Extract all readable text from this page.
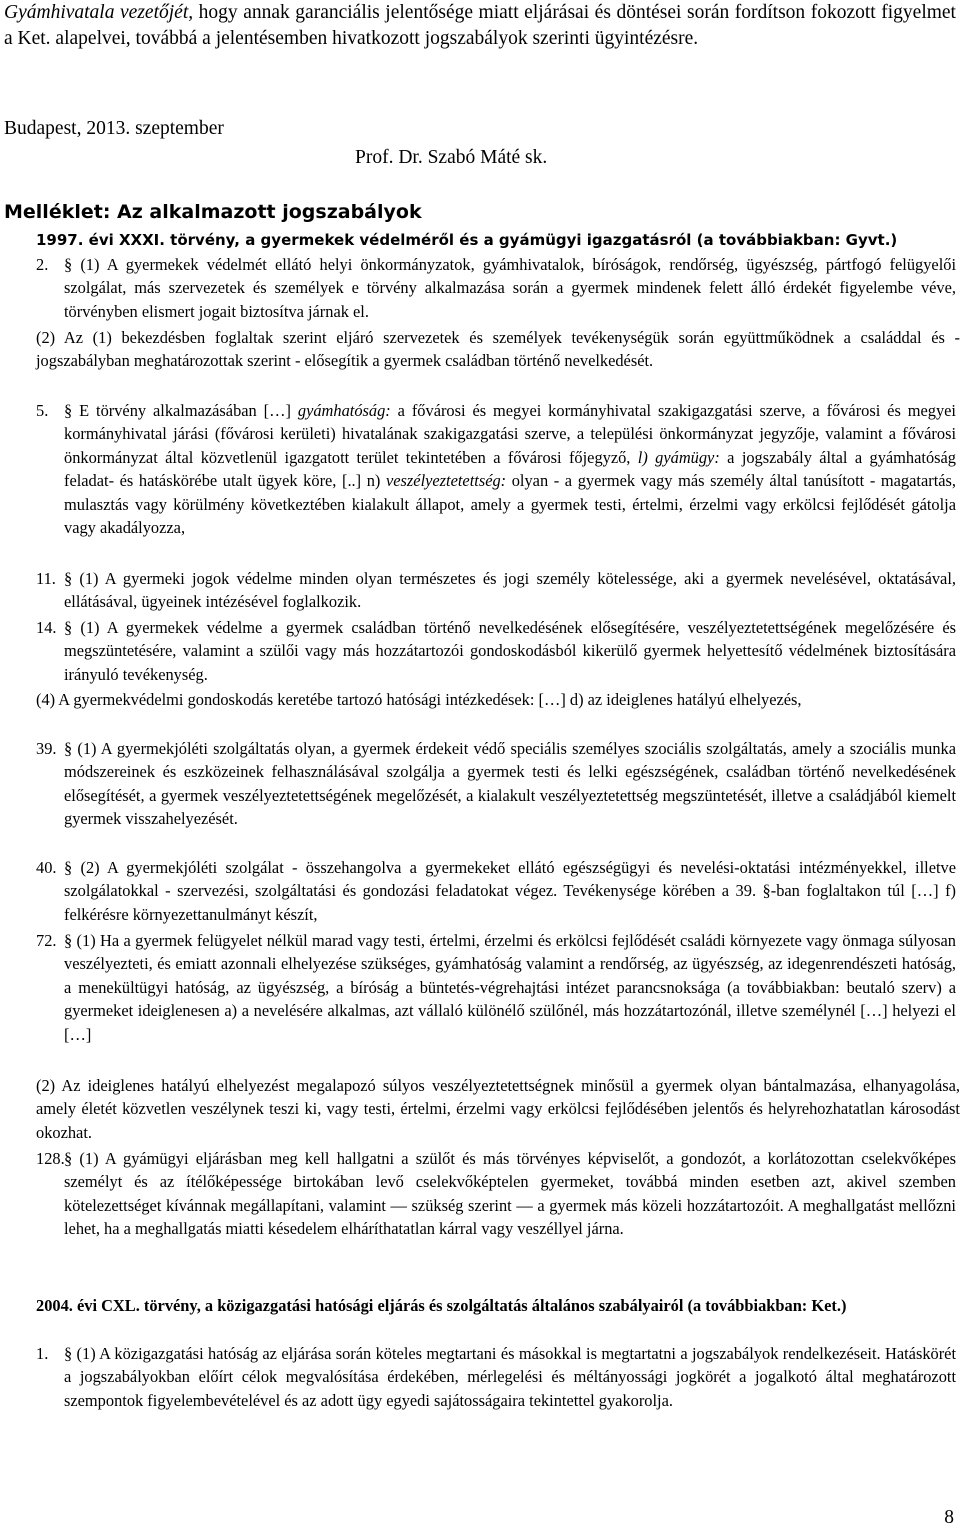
Gyámhivatala vezetőjét, hogy annak garanciális jelentősége miatt eljárásai és döntései során fordítson fokozott figyelmet a Ket. alapelvei, továbbá a jelentésemben hivatkozott jogszabályok szerinti ügyintézésre.

Budapest, 2013. szeptember
Prof. Dr. Szabó Máté sk.
Melléklet: Az alkalmazott jogszabályok
1997. évi XXXI. törvény, a gyermekek védelméről és a gyámügyi igazgatásról (a továbbiakban: Gyvt.)
2. § (1) A gyermekek védelmét ellátó helyi önkormányzatok, gyámhivatalok, bíróságok, rendőrség, ügyészség, pártfogó felügyelői szolgálat, más szervezetek és személyek e törvény alkalmazása során a gyermek mindenek felett álló érdekét figyelembe véve, törvényben elismert jogait biztosítva járnak el.

(2) Az (1) bekezdésben foglaltak szerint eljáró szervezetek és személyek tevékenységük során együttműködnek a családdal és - jogszabályban meghatározottak szerint - elősegítik a gyermek családban történő nevelkedését.

5. § E törvény alkalmazásában […] gyámhatóság: a fővárosi és megyei kormányhivatal szakigazgatási szerve, a fővárosi és megyei kormányhivatal járási (fővárosi kerületi) hivatalának szakigazgatási szerve, a települési önkormányzat jegyzője, valamint a fővárosi önkormányzat által közvetlenül igazgatott terület tekintetében a fővárosi főjegyző, l) gyámügy: a jogszabály által a gyámhatóság feladat- és hatáskörébe utalt ügyek köre, [..] n) veszélyeztetettség: olyan - a gyermek vagy más személy által tanúsított - magatartás, mulasztás vagy körülmény következtében kialakult állapot, amely a gyermek testi, értelmi, érzelmi vagy erkölcsi fejlődését gátolja vagy akadályozza,

11. § (1) A gyermeki jogok védelme minden olyan természetes és jogi személy kötelessége, aki a gyermek nevelésével, oktatásával, ellátásával, ügyeinek intézésével foglalkozik.

14. § (1) A gyermekek védelme a gyermek családban történő nevelkedésének elősegítésére, veszélyeztetettségének megelőzésére és megszüntetésére, valamint a szülői vagy más hozzátartozói gondoskodásból kikerülő gyermek helyettesítő védelmének biztosítására irányuló tevékenység.

(4) A gyermekvédelmi gondoskodás keretébe tartozó hatósági intézkedések: […] d) az ideiglenes hatályú elhelyezés,

39. § (1) A gyermekjóléti szolgáltatás olyan, a gyermek érdekeit védő speciális személyes szociális szolgáltatás, amely a szociális munka módszereinek és eszközeinek felhasználásával szolgálja a gyermek testi és lelki egészségének, családban történő nevelkedésének elősegítését, a gyermek veszélyeztetettségének megelőzését, a kialakult veszélyeztetettség megszüntetését, illetve a családjából kiemelt gyermek visszahelyezését.

40. § (2) A gyermekjóléti szolgálat - összehangolva a gyermekeket ellátó egészségügyi és nevelési-oktatási intézményekkel, illetve szolgálatokkal - szervezési, szolgáltatási és gondozási feladatokat végez. Tevékenysége körében a 39. §-ban foglaltakon túl […] f) felkérésre környezettanulmányt készít,

72. § (1) Ha a gyermek felügyelet nélkül marad vagy testi, értelmi, érzelmi és erkölcsi fejlődését családi környezete vagy önmaga súlyosan veszélyezteti, és emiatt azonnali elhelyezése szükséges, gyámhatóság valamint a rendőrség, az ügyészség, az idegenrendészeti hatóság, a menekültügyi hatóság, az ügyészség, a bíróság a büntetés-végrehajtási intézet parancsnoksága (a továbbiakban: beutaló szerv) a gyermeket ideiglenesen a) a nevelésére alkalmas, azt vállaló különélő szülőnél, más hozzátartozónál, illetve személynél […] helyezi el […]

(2) Az ideiglenes hatályú elhelyezést megalapozó súlyos veszélyeztetettségnek minősül a gyermek olyan bántalmazása, elhanyagolása, amely életét közvetlen veszélynek teszi ki, vagy testi, értelmi, érzelmi vagy erkölcsi fejlődésében jelentős és helyrehozhatatlan károsodást okozhat.

128. § (1) A gyámügyi eljárásban meg kell hallgatni a szülőt és más törvényes képviselőt, a gondozót, a korlátozottan cselekvőképes személyt és az ítélőképessége birtokában levő cselekvőképtelen gyermeket, továbbá minden esetben azt, akivel szemben kötelezettséget kívánnak megállapítani, valamint — szükség szerint — a gyermek más közeli hozzátartozóit. A meghallgatást mellőzni lehet, ha a meghallgatás miatti késedelem elháríthatatlan kárral vagy veszéllyel járna.

2004. évi CXL. törvény, a közigazgatási hatósági eljárás és szolgáltatás általános szabályairól (a továbbiakban: Ket.)

1. § (1) A közigazgatási hatóság az eljárása során köteles megtartani és másokkal is megtartatni a jogszabályok rendelkezéseit. Hatáskörét a jogszabályokban előírt célok megvalósítása érdekében, mérlegelési és méltányossági jogkörét a jogalkotó által meghatározott szempontok figyelembevételével és az adott ügy egyedi sajátosságaira tekintettel gyakorolja.

8
